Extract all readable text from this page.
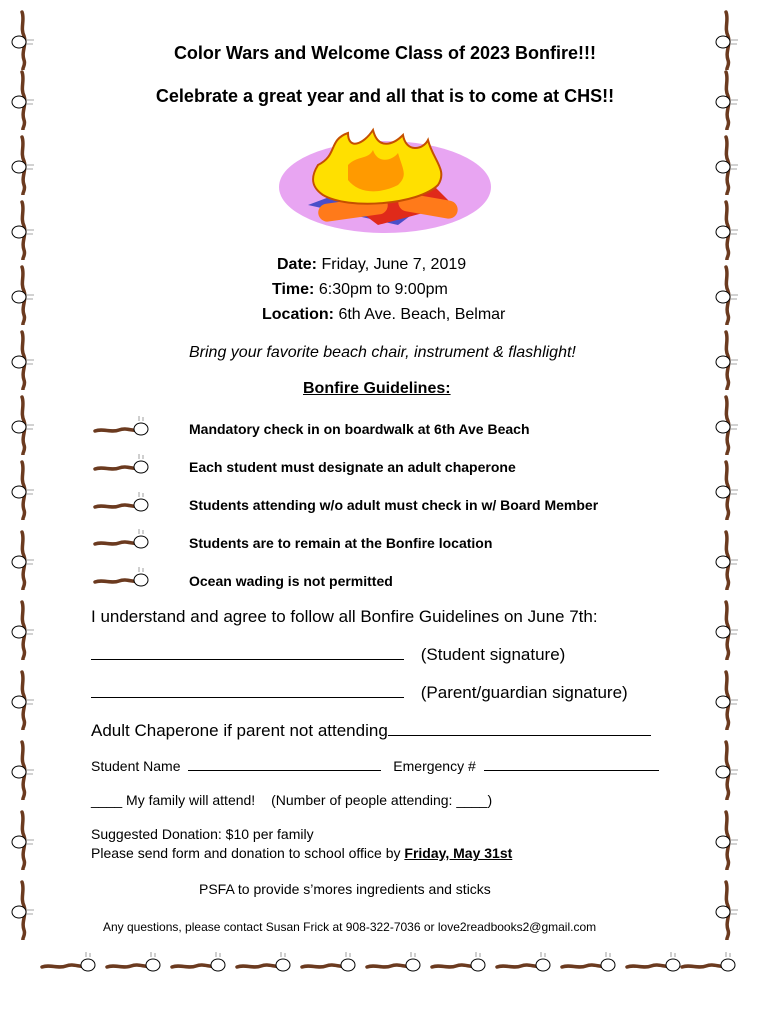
Color Wars and Welcome Class of 2023 Bonfire!!!
Celebrate a great year and all that is to come at CHS!!
Date: Friday, June 7, 2019
Time: 6:30pm to 9:00pm
Location: 6th Ave. Beach, Belmar
Bring your favorite beach chair, instrument & flashlight!
Bonfire Guidelines:
Mandatory check in on boardwalk at 6th Ave Beach
Each student must designate an adult chaperone
Students attending w/o adult must check in w/ Board Member
Students are to remain at the Bonfire location
Ocean wading is not permitted
I understand and agree to follow all Bonfire Guidelines on June 7th:
(Student signature)
(Parent/guardian signature)
Adult Chaperone if parent not attending
Student Name	Emergency #
____ My family will attend! (Number of people attending: ____)
Suggested Donation: $10 per family
Please send form and donation to school office by Friday, May 31st
PSFA to provide s’mores ingredients and sticks
Any questions, please contact Susan Frick at 908-322-7036 or love2readbooks2@gmail.com
